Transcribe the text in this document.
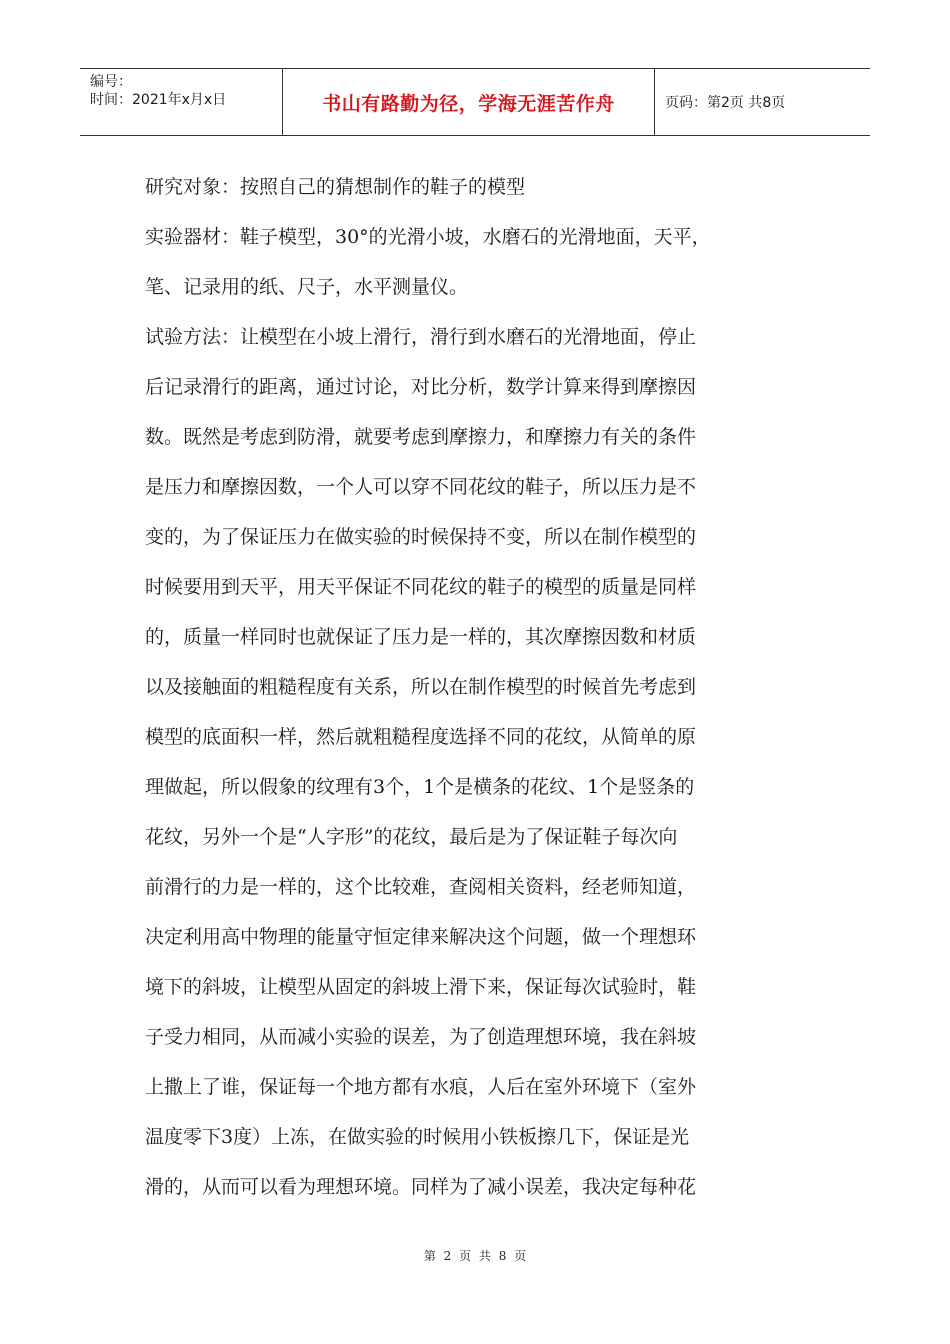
编号：
时间：2021年x月x日	书山有路勤为径，学海无涯苦作舟	页码：第2页 共8页
研究对象：按照自己的猜想制作的鞋子的模型
实验器材：鞋子模型，30°的光滑小坡，水磨石的光滑地面，天平，
笔、记录用的纸、尺子，水平测量仪。
试验方法：让模型在小坡上滑行，滑行到水磨石的光滑地面，停止
后记录滑行的距离，通过讨论，对比分析，数学计算来得到摩擦因
数。既然是考虑到防滑，就要考虑到摩擦力，和摩擦力有关的条件
是压力和摩擦因数，一个人可以穿不同花纹的鞋子，所以压力是不
变的，为了保证压力在做实验的时候保持不变，所以在制作模型的
时候要用到天平，用天平保证不同花纹的鞋子的模型的质量是同样
的，质量一样同时也就保证了压力是一样的，其次摩擦因数和材质
以及接触面的粗糙程度有关系，所以在制作模型的时候首先考虑到
模型的底面积一样，然后就粗糙程度选择不同的花纹，从简单的原
理做起，所以假象的纹理有3个，1个是横条的花纹、1个是竖条的
花纹，另外一个是“人字形”的花纹，最后是为了保证鞋子每次向
前滑行的力是一样的，这个比较难，查阅相关资料，经老师知道，
决定利用高中物理的能量守恒定律来解决这个问题，做一个理想环
境下的斜坡，让模型从固定的斜坡上滑下来，保证每次试验时，鞋
子受力相同，从而减小实验的误差，为了创造理想环境，我在斜坡
上撒上了谁，保证每一个地方都有水痕，人后在室外环境下（室外
温度零下3度）上冻，在做实验的时候用小铁板擦几下，保证是光
滑的，从而可以看为理想环境。同样为了减小误差，我决定每种花
第 2 页 共 8 页
